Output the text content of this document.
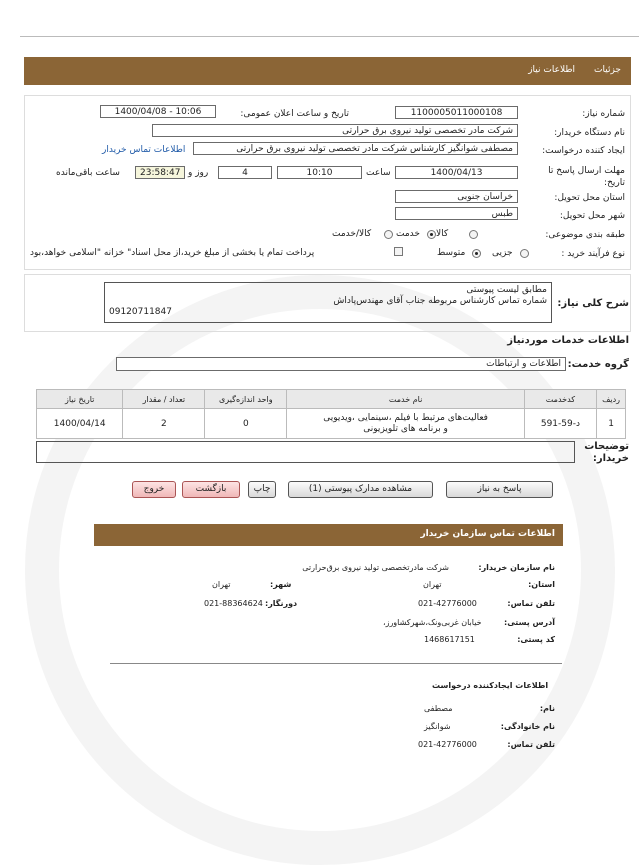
جزئیات
اطلاعات نیاز
شماره نیاز:
1100005011000108
تاریخ و ساعت اعلان عمومی:
1400/04/08 - 10:06
نام دستگاه خریدار:
شرکت مادر تخصصی تولید نیروی برق حرارتی
ایجاد کننده درخواست:
مصطفی شوانگیز کارشناس شرکت مادر تخصصی تولید نیروی برق حرارتی
اطلاعات تماس خریدار
مهلت ارسال پاسخ تا تاریخ:
1400/04/13
ساعت
10:10
4
روز و
23:58:47
ساعت باقی‌مانده
استان محل تحویل:
خراسان جنوبی
شهر محل تحویل:
طبس
طبقه بندی موضوعی:
کالا
خدمت
کالا/خدمت
نوع فرآیند خرید :
جزیی
متوسط
پرداخت تمام یا بخشی از مبلغ خرید،از محل اسناد" خزانه "اسلامی خواهد،بود
شرح کلی نیاز:
مطابق لیست پیوستی
شماره تماس کارشناس مربوطه جناب آقای مهندس‌پاداش
09120711847
اطلاعات خدمات موردنیاز
گروه خدمت:
اطلاعات و ارتباطات
ردیف	کدخدمت	نام خدمت	واحد اندازه‌گیری	تعداد / مقدار	تاریخ نیاز
1	د-59-591	فعالیت‌های مرتبط با فیلم ،سینمایی ،ویدیویی
و برنامه های تلویزیونی	0	2	1400/04/14
توضیحات خریدار:
پاسخ به نیاز
مشاهده مدارک پیوستی (1)
چاپ
بازگشت
خروج
اطلاعات تماس سازمان خریدار
نام سازمان خریدار:
شرکت مادرتخصصی تولید نیروی برق‌حرارتی
استان:
تهران
شهر:
تهران
تلفن تماس:
021-42776000
دورنگار:
021-88364624
آدرس پستی:
خیابان غربی‌ونک،شهرکشاورز،
کد پستی:
1468617151
اطلاعات ایجادکننده درخواست
نام:
مصطفی
نام خانوادگی:
شوانگیز
تلفن تماس:
021-42776000
